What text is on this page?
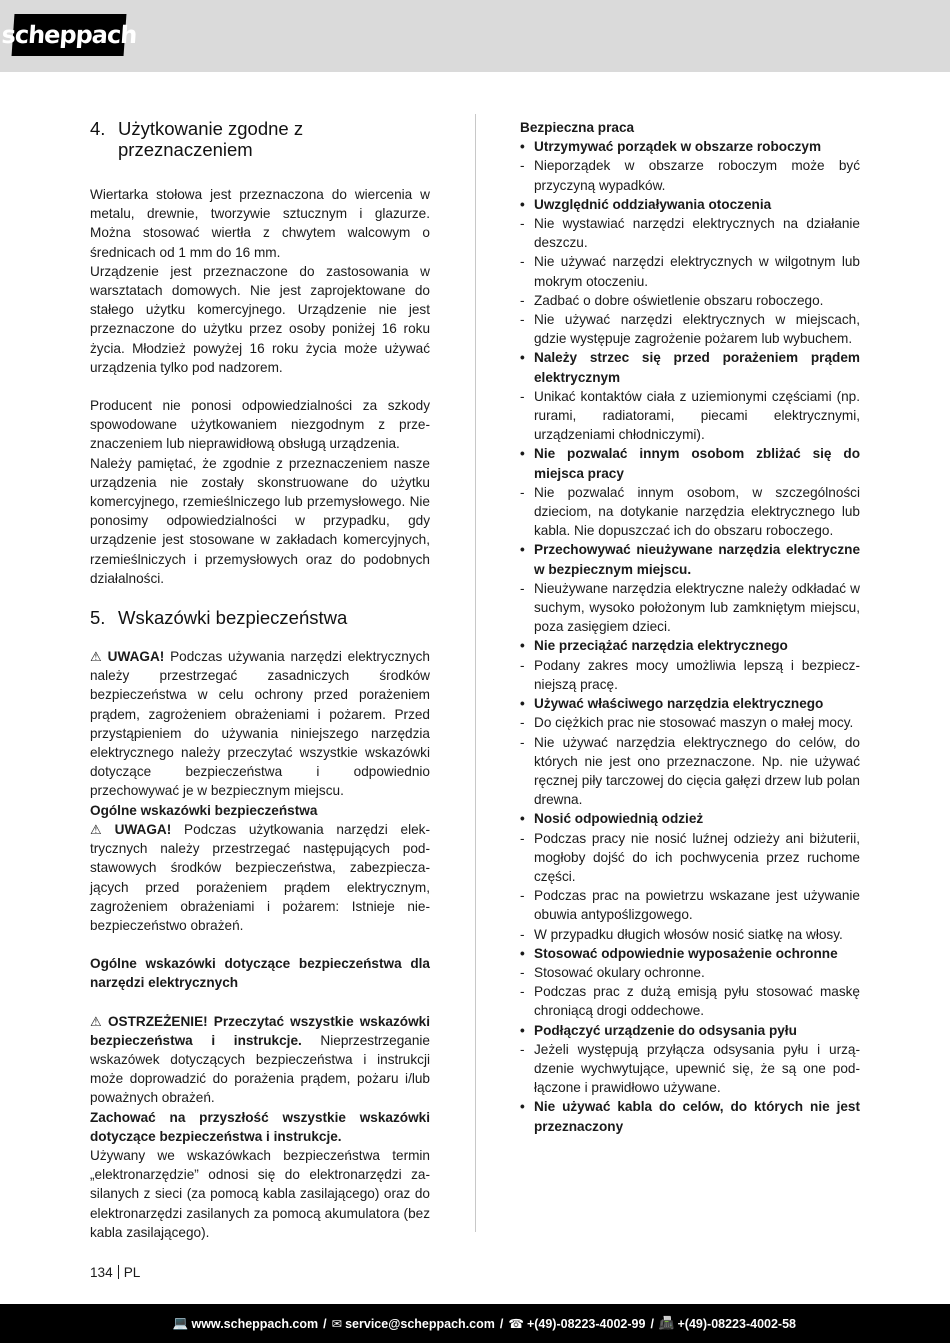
scheppach
4. Użytkowanie zgodne z przeznaczeniem

Wiertarka stołowa jest przeznaczona do wiercenia w metalu, drewnie, tworzywie sztucznym i glazurze. Można stosować wiertła z chwytem walcowym o średnicach od 1 mm do 16 mm.

Urządzenie jest przeznaczone do zastosowania w warsztatach domowych. Nie jest zaprojektowane do stałego użytku komercyjnego. Urządzenie nie jest przeznaczone do użytku przez osoby poniżej 16 roku życia. Młodzież powyżej 16 roku życia może używać urządzenia tylko pod nadzorem.

Producent nie ponosi odpowiedzialności za szkody spowodowane użytkowaniem niezgodnym z przeznaczeniem lub nieprawidłową obsługą urządzenia.

Należy pamiętać, że zgodnie z przeznaczeniem nasze urządzenia nie zostały skonstruowane do użytku komercyjnego, rzemieślniczego lub przemysłowego. Nie ponosimy odpowiedzialności w przypadku, gdy urządzenie jest stosowane w zakładach komercyjnych, rzemieślniczych i przemysłowych oraz do podobnych działalności.

5. Wskazówki bezpieczeństwa

⚠ UWAGA! Podczas używania narzędzi elektrycznych należy przestrzegać zasadniczych środków bezpieczeństwa w celu ochrony przed porażeniem prądem, zagrożeniem obrażeniami i pożarem. Przed przystąpieniem do używania niniejszego narzędzia elektrycznego należy przeczytać wszystkie wskazówki dotyczące bezpieczeństwa i odpowiednio przechowywać je w bezpiecznym miejscu.

Ogólne wskazówki bezpieczeństwa

⚠ UWAGA! Podczas użytkowania narzędzi elektrycznych należy przestrzegać następujących podstawowych środków bezpieczeństwa, zabezpieczających przed porażeniem prądem elektrycznym, zagrożeniem obrażeniami i pożarem: Istnieje niebezpieczeństwo obrażeń.

Ogólne wskazówki dotyczące bezpieczeństwa dla narzędzi elektrycznych

⚠ OSTRZEŻENIE! Przeczytać wszystkie wskazówki bezpieczeństwa i instrukcje. Nieprzestrzeganie wskazówek dotyczących bezpieczeństwa i instrukcji może doprowadzić do porażenia prądem, pożaru i/lub poważnych obrażeń.

Zachować na przyszłość wszystkie wskazówki dotyczące bezpieczeństwa i instrukcje.

Używany we wskazówkach bezpieczeństwa termin „elektronarzędzie” odnosi się do elektronarzędzi zasilanych z sieci (za pomocą kabla zasilającego) oraz do elektronarzędzi zasilanych za pomocą akumulatora (bez kabla zasilającego).

Bezpieczna praca

• Utrzymywać porządek w obszarze roboczym
- Nieporządek w obszarze roboczym może być przyczyną wypadków.
• Uwzględnić oddziaływania otoczenia
- Nie wystawiać narzędzi elektrycznych na działanie deszczu.
- Nie używać narzędzi elektrycznych w wilgotnym lub mokrym otoczeniu.
- Zadbać o dobre oświetlenie obszaru roboczego.
- Nie używać narzędzi elektrycznych w miejscach, gdzie występuje zagrożenie pożarem lub wybuchem.
• Należy strzec się przed porażeniem prądem elektrycznym
- Unikać kontaktów ciała z uziemionymi częściami (np. rurami, radiatorami, piecami elektrycznymi, urządzeniami chłodniczymi).
• Nie pozwalać innym osobom zbliżać się do miejsca pracy
- Nie pozwalać innym osobom, w szczególności dzieciom, na dotykanie narzędzia elektrycznego lub kabla. Nie dopuszczać ich do obszaru roboczego.
• Przechowywać nieużywane narzędzia elektryczne w bezpiecznym miejscu.
- Nieużywane narzędzia elektryczne należy odkładać w suchym, wysoko położonym lub zamkniętym miejscu, poza zasięgiem dzieci.
• Nie przeciążać narzędzia elektrycznego
- Podany zakres mocy umożliwia lepszą i bezpieczniejszą pracę.
• Używać właściwego narzędzia elektrycznego
- Do ciężkich prac nie stosować maszyn o małej mocy.
- Nie używać narzędzia elektrycznego do celów, do których nie jest ono przeznaczone. Np. nie używać ręcznej piły tarczowej do cięcia gałęzi drzew lub polan drewna.
• Nosić odpowiednią odzież
- Podczas pracy nie nosić luźnej odzieży ani biżuterii, mogłoby dojść do ich pochwycenia przez ruchome części.
- Podczas prac na powietrzu wskazane jest używanie obuwia antypoślizgowego.
- W przypadku długich włosów nosić siatkę na włosy.
• Stosować odpowiednie wyposażenie ochronne
- Stosować okulary ochronne.
- Podczas prac z dużą emisją pyłu stosować maskę chroniącą drogi oddechowe.
• Podłączyć urządzenie do odsysania pyłu
- Jeżeli występują przyłącza odsysania pyłu i urządzenie wychwytujące, upewnić się, że są one podłączone i prawidłowo używane.
• Nie używać kabla do celów, do których nie jest przeznaczony
134 PL
💻 www.scheppach.com / ✉ service@scheppach.com / ☎ +(49)-08223-4002-99 / 📠 +(49)-08223-4002-58
